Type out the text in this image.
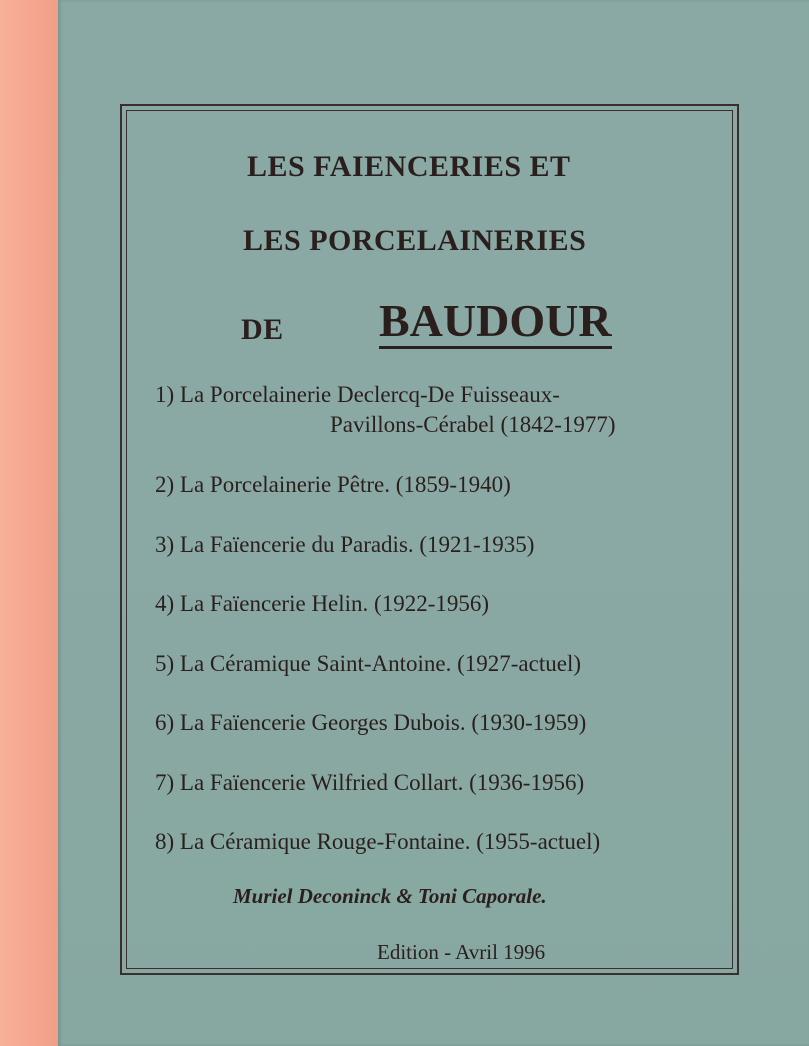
LES FAIENCERIES ET
LES PORCELAINERIES
DE BAUDOUR
1) La Porcelainerie Declercq-De Fuisseaux-
Pavillons-Cérabel (1842-1977)
2) La Porcelainerie Pêtre. (1859-1940)
3) La Faïencerie du Paradis. (1921-1935)
4) La Faïencerie Helin. (1922-1956)
5) La Céramique Saint-Antoine. (1927-actuel)
6) La Faïencerie Georges Dubois. (1930-1959)
7) La Faïencerie Wilfried Collart. (1936-1956)
8) La Céramique Rouge-Fontaine. (1955-actuel)
Muriel Deconinck & Toni Caporale.
Edition - Avril 1996
